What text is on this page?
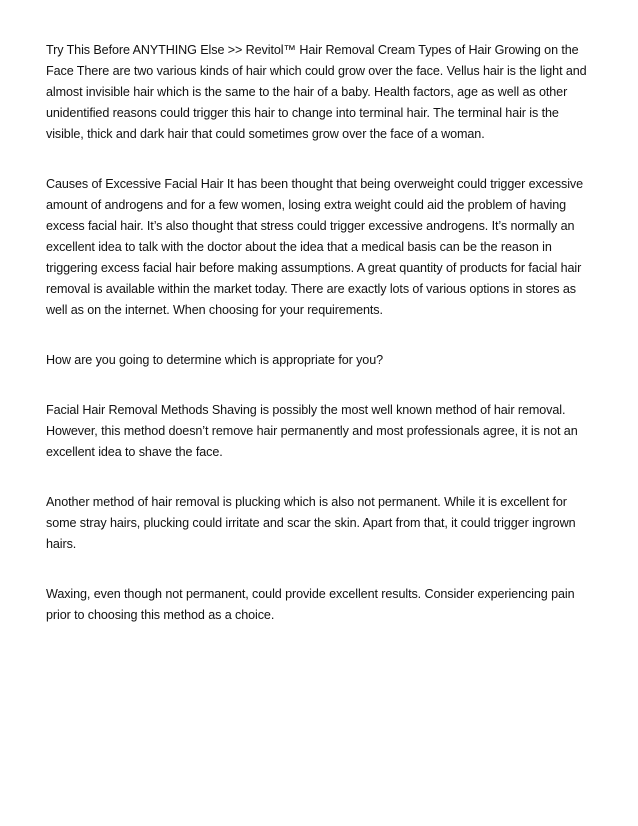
Try This Before ANYTHING Else >> Revitol™ Hair Removal Cream Types of Hair Growing on the Face There are two various kinds of hair which could grow over the face. Vellus hair is the light and almost invisible hair which is the same to the hair of a baby. Health factors, age as well as other unidentified reasons could trigger this hair to change into terminal hair. The terminal hair is the visible, thick and dark hair that could sometimes grow over the face of a woman.

Causes of Excessive Facial Hair It has been thought that being overweight could trigger excessive amount of androgens and for a few women, losing extra weight could aid the problem of having excess facial hair. It’s also thought that stress could trigger excessive androgens. It’s normally an excellent idea to talk with the doctor about the idea that a medical basis can be the reason in triggering excess facial hair before making assumptions. A great quantity of products for facial hair removal is available within the market today. There are exactly lots of various options in stores as well as on the internet. When choosing for your requirements.

How are you going to determine which is appropriate for you?

Facial Hair Removal Methods Shaving is possibly the most well known method of hair removal. However, this method doesn’t remove hair permanently and most professionals agree, it is not an excellent idea to shave the face.

Another method of hair removal is plucking which is also not permanent. While it is excellent for some stray hairs, plucking could irritate and scar the skin. Apart from that, it could trigger ingrown hairs.

Waxing, even though not permanent, could provide excellent results. Consider experiencing pain prior to choosing this method as a choice.
